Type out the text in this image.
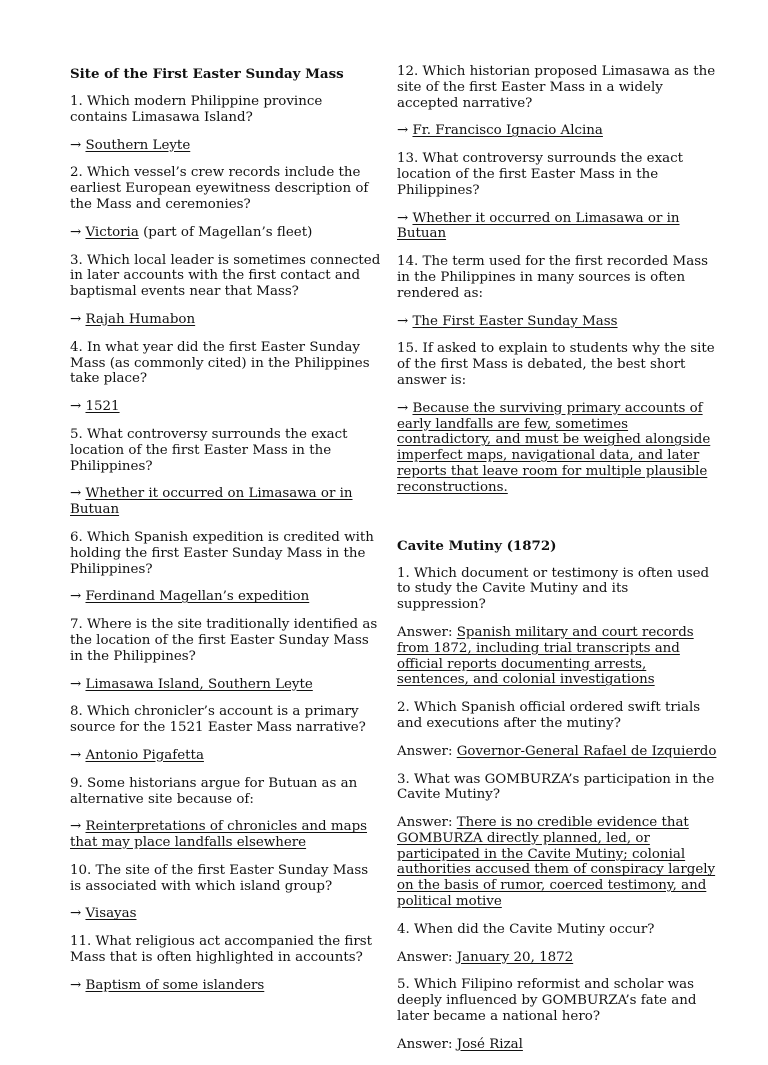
Site of the First Easter Sunday Mass
1. Which modern Philippine province contains Limasawa Island?
→ Southern Leyte
2. Which vessel’s crew records include the earliest European eyewitness description of the Mass and ceremonies?
→ Victoria (part of Magellan’s fleet)
3. Which local leader is sometimes connected in later accounts with the first contact and baptismal events near that Mass?
→ Rajah Humabon
4. In what year did the first Easter Sunday Mass (as commonly cited) in the Philippines take place?
→ 1521
5. What controversy surrounds the exact location of the first Easter Mass in the Philippines?
→ Whether it occurred on Limasawa or in Butuan
6. Which Spanish expedition is credited with holding the first Easter Sunday Mass in the Philippines?
→ Ferdinand Magellan’s expedition
7. Where is the site traditionally identified as the location of the first Easter Sunday Mass in the Philippines?
→ Limasawa Island, Southern Leyte
8. Which chronicler’s account is a primary source for the 1521 Easter Mass narrative?
→ Antonio Pigafetta
9. Some historians argue for Butuan as an alternative site because of:
→ Reinterpretations of chronicles and maps that may place landfalls elsewhere
10. The site of the first Easter Sunday Mass is associated with which island group?
→ Visayas
11. What religious act accompanied the first Mass that is often highlighted in accounts?
→ Baptism of some islanders
12. Which historian proposed Limasawa as the site of the first Easter Mass in a widely accepted narrative?
→ Fr. Francisco Ignacio Alcina
13. What controversy surrounds the exact location of the first Easter Mass in the Philippines?
→ Whether it occurred on Limasawa or in Butuan
14. The term used for the first recorded Mass in the Philippines in many sources is often rendered as:
→ The First Easter Sunday Mass
15. If asked to explain to students why the site of the first Mass is debated, the best short answer is:
→ Because the surviving primary accounts of early landfalls are few, sometimes contradictory, and must be weighed alongside imperfect maps, navigational data, and later reports that leave room for multiple plausible reconstructions.
Cavite Mutiny (1872)
1. Which document or testimony is often used to study the Cavite Mutiny and its suppression?
Answer: Spanish military and court records from 1872, including trial transcripts and official reports documenting arrests, sentences, and colonial investigations
2. Which Spanish official ordered swift trials and executions after the mutiny?
Answer: Governor-General Rafael de Izquierdo
3. What was GOMBURZA’s participation in the Cavite Mutiny?
Answer: There is no credible evidence that GOMBURZA directly planned, led, or participated in the Cavite Mutiny; colonial authorities accused them of conspiracy largely on the basis of rumor, coerced testimony, and political motive
4. When did the Cavite Mutiny occur?
Answer: January 20, 1872
5. Which Filipino reformist and scholar was deeply influenced by GOMBURZA’s fate and later became a national hero?
Answer: José Rizal
